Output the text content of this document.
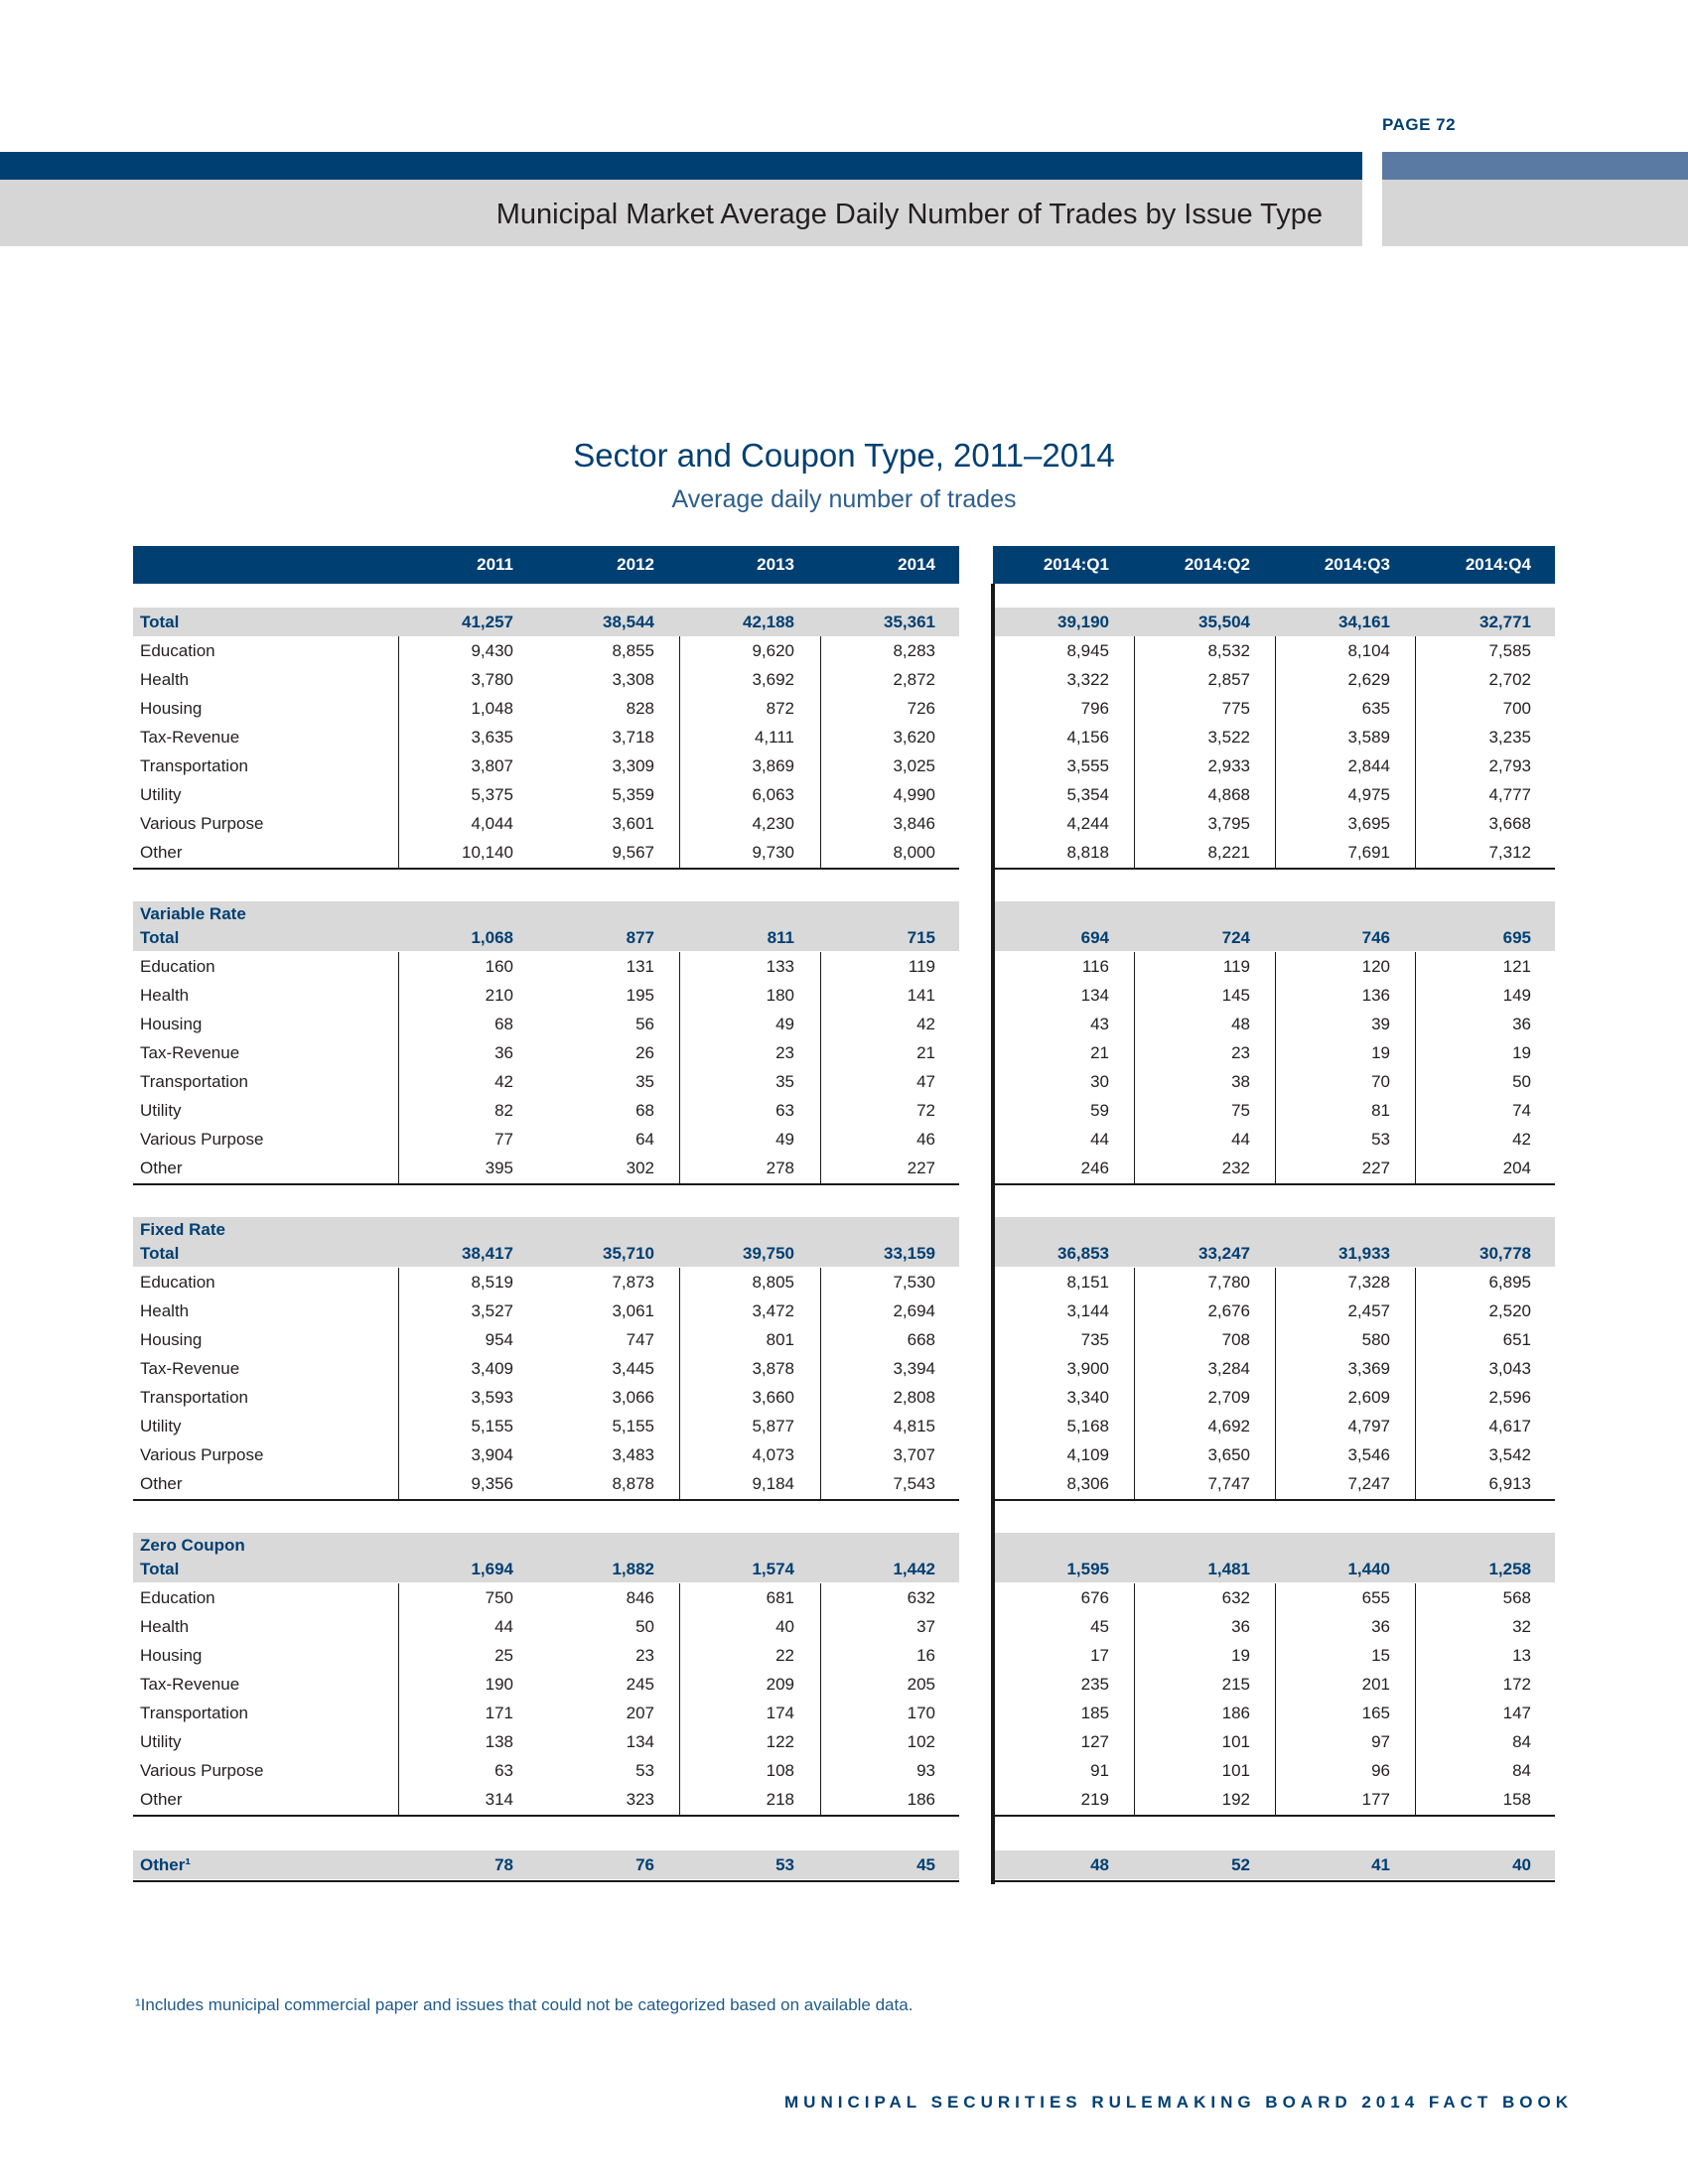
PAGE 72
Municipal Market Average Daily Number of Trades by Issue Type
Sector and Coupon Type, 2011–2014
Average daily number of trades
2011	2012	2013	2014	2014:Q1	2014:Q2	2014:Q3	2014:Q4
Total	41,257	38,544	42,188	35,361	39,190	35,504	34,161	32,771
Education	9,430	8,855	9,620	8,283	8,945	8,532	8,104	7,585
Health	3,780	3,308	3,692	2,872	3,322	2,857	2,629	2,702
Housing	1,048	828	872	726	796	775	635	700
Tax-Revenue	3,635	3,718	4,111	3,620	4,156	3,522	3,589	3,235
Transportation	3,807	3,309	3,869	3,025	3,555	2,933	2,844	2,793
Utility	5,375	5,359	6,063	4,990	5,354	4,868	4,975	4,777
Various Purpose	4,044	3,601	4,230	3,846	4,244	3,795	3,695	3,668
Other	10,140	9,567	9,730	8,000	8,818	8,221	7,691	7,312
Variable Rate
Total	1,068	877	811	715	694	724	746	695
Education	160	131	133	119	116	119	120	121
Health	210	195	180	141	134	145	136	149
Housing	68	56	49	42	43	48	39	36
Tax-Revenue	36	26	23	21	21	23	19	19
Transportation	42	35	35	47	30	38	70	50
Utility	82	68	63	72	59	75	81	74
Various Purpose	77	64	49	46	44	44	53	42
Other	395	302	278	227	246	232	227	204
Fixed Rate
Total	38,417	35,710	39,750	33,159	36,853	33,247	31,933	30,778
Education	8,519	7,873	8,805	7,530	8,151	7,780	7,328	6,895
Health	3,527	3,061	3,472	2,694	3,144	2,676	2,457	2,520
Housing	954	747	801	668	735	708	580	651
Tax-Revenue	3,409	3,445	3,878	3,394	3,900	3,284	3,369	3,043
Transportation	3,593	3,066	3,660	2,808	3,340	2,709	2,609	2,596
Utility	5,155	5,155	5,877	4,815	5,168	4,692	4,797	4,617
Various Purpose	3,904	3,483	4,073	3,707	4,109	3,650	3,546	3,542
Other	9,356	8,878	9,184	7,543	8,306	7,747	7,247	6,913
Zero Coupon
Total	1,694	1,882	1,574	1,442	1,595	1,481	1,440	1,258
Education	750	846	681	632	676	632	655	568
Health	44	50	40	37	45	36	36	32
Housing	25	23	22	16	17	19	15	13
Tax-Revenue	190	245	209	205	235	215	201	172
Transportation	171	207	174	170	185	186	165	147
Utility	138	134	122	102	127	101	97	84
Various Purpose	63	53	108	93	91	101	96	84
Other	314	323	218	186	219	192	177	158
Other¹	78	76	53	45	48	52	41	40
¹Includes municipal commercial paper and issues that could not be categorized based on available data.
MUNICIPAL SECURITIES RULEMAKING BOARD 2014 FACT BOOK
